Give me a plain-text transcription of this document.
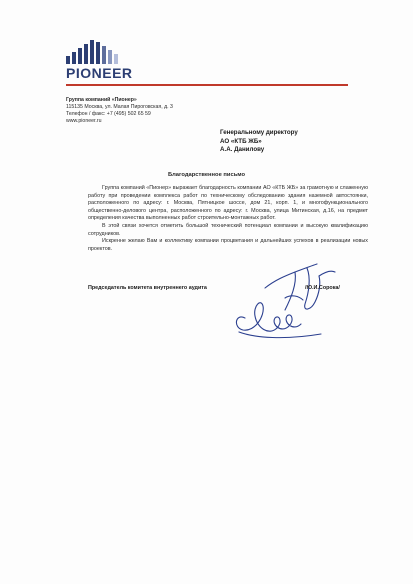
PIONEER
Группа компаний «Пионер»
115135 Москва, ул. Малая Пироговская, д. 3
Телефон / факс: +7 (495) 502 65 59
www.pioneer.ru
Генеральному директору
АО «КТБ ЖБ»
А.А. Данилову
Благодарственное письмо

Группа компаний «Пионер» выражает благодарность компании АО «КТБ ЖБ» за грамотную и слаженную работу при проведении комплекса работ по техническому обследованию здания наземной автостоянки, расположенного по адресу: г. Москва, Пятницкое шоссе, дом 21, корп. 1, и многофункционального общественно-делового центра, расположенного по адресу: г. Москва, улица Митинская, д.16, на предмет определения качества выполненных работ строительно-монтажных работ.

В этой связи хочется отметить большой технический потенциал компании и высокую квалификацию сотрудников.

Искренне желаю Вам и коллективу компании процветания и дальнейших успехов в реализации новых проектов.

Председатель комитета внутреннего аудита	/Ю.И.Сорока/
